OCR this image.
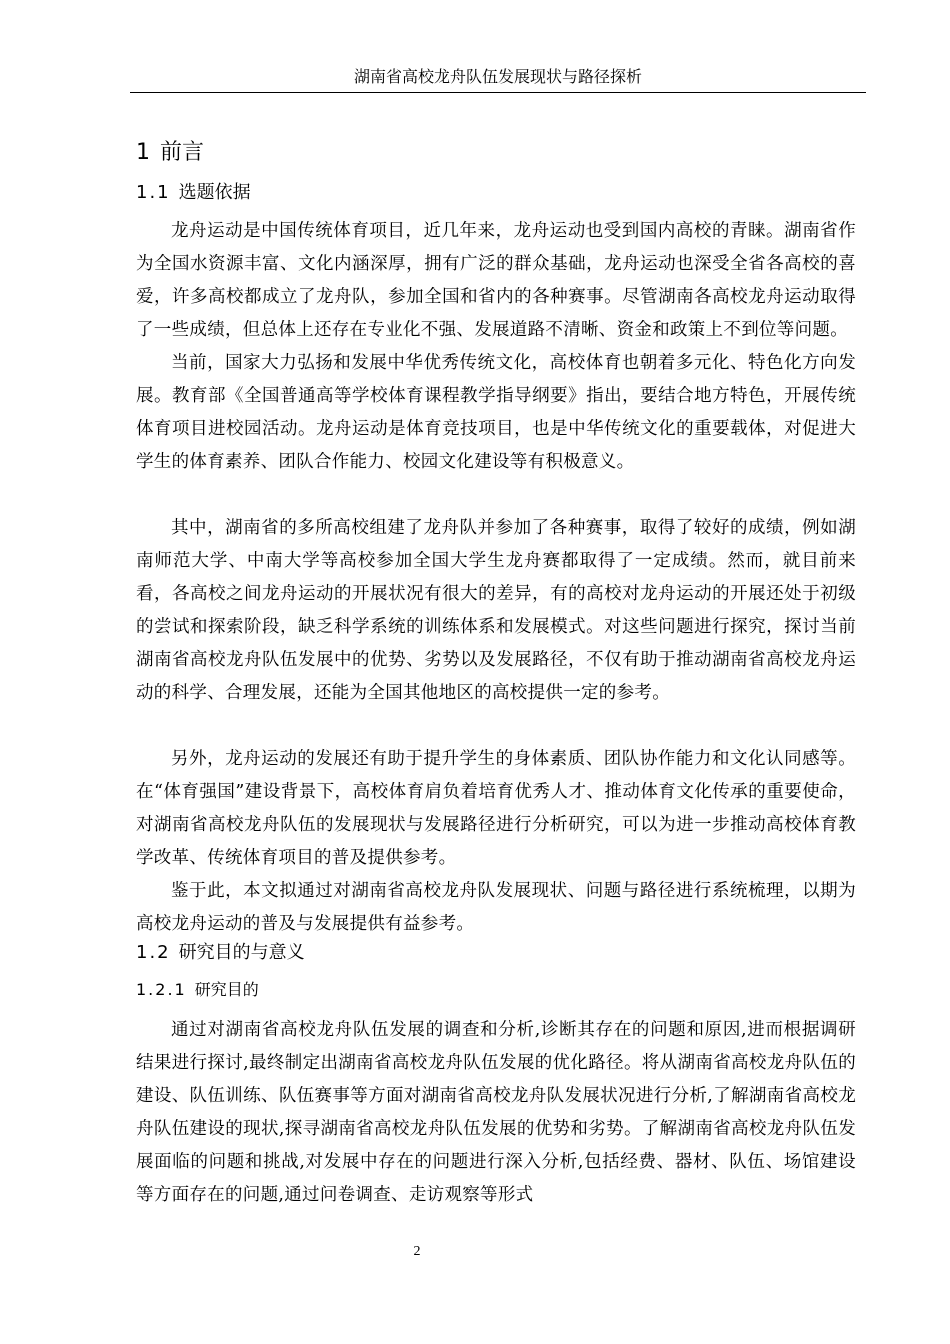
湖南省高校龙舟队伍发展现状与路径探析
1 前言
1.1 选题依据

龙舟运动是中国传统体育项目，近几年来，龙舟运动也受到国内高校的青睐。湖南省作为全国水资源丰富、文化内涵深厚，拥有广泛的群众基础，龙舟运动也深受全省各高校的喜爱，许多高校都成立了龙舟队，参加全国和省内的各种赛事。尽管湖南各高校龙舟运动取得了一些成绩，但总体上还存在专业化不强、发展道路不清晰、资金和政策上不到位等问题。

当前，国家大力弘扬和发展中华优秀传统文化，高校体育也朝着多元化、特色化方向发展。教育部《全国普通高等学校体育课程教学指导纲要》指出，要结合地方特色，开展传统体育项目进校园活动。龙舟运动是体育竞技项目，也是中华传统文化的重要载体，对促进大学生的体育素养、团队合作能力、校园文化建设等有积极意义。

其中，湖南省的多所高校组建了龙舟队并参加了各种赛事，取得了较好的成绩，例如湖南师范大学、中南大学等高校参加全国大学生龙舟赛都取得了一定成绩。然而，就目前来看，各高校之间龙舟运动的开展状况有很大的差异，有的高校对龙舟运动的开展还处于初级的尝试和探索阶段，缺乏科学系统的训练体系和发展模式。对这些问题进行探究，探讨当前湖南省高校龙舟队伍发展中的优势、劣势以及发展路径，不仅有助于推动湖南省高校龙舟运动的科学、合理发展，还能为全国其他地区的高校提供一定的参考。

另外，龙舟运动的发展还有助于提升学生的身体素质、团队协作能力和文化认同感等。在“体育强国”建设背景下，高校体育肩负着培育优秀人才、推动体育文化传承的重要使命，对湖南省高校龙舟队伍的发展现状与发展路径进行分析研究，可以为进一步推动高校体育教学改革、传统体育项目的普及提供参考。

鉴于此，本文拟通过对湖南省高校龙舟队发展现状、问题与路径进行系统梳理，以期为高校龙舟运动的普及与发展提供有益参考。

1.2 研究目的与意义
1.2.1 研究目的

通过对湖南省高校龙舟队伍发展的调查和分析,诊断其存在的问题和原因,进而根据调研结果进行探讨,最终制定出湖南省高校龙舟队伍发展的优化路径。将从湖南省高校龙舟队伍的建设、队伍训练、队伍赛事等方面对湖南省高校龙舟队发展状况进行分析,了解湖南省高校龙舟队伍建设的现状,探寻湖南省高校龙舟队伍发展的优势和劣势。了解湖南省高校龙舟队伍发展面临的问题和挑战,对发展中存在的问题进行深入分析,包括经费、器材、队伍、场馆建设等方面存在的问题,通过问卷调查、走访观察等形式

2
